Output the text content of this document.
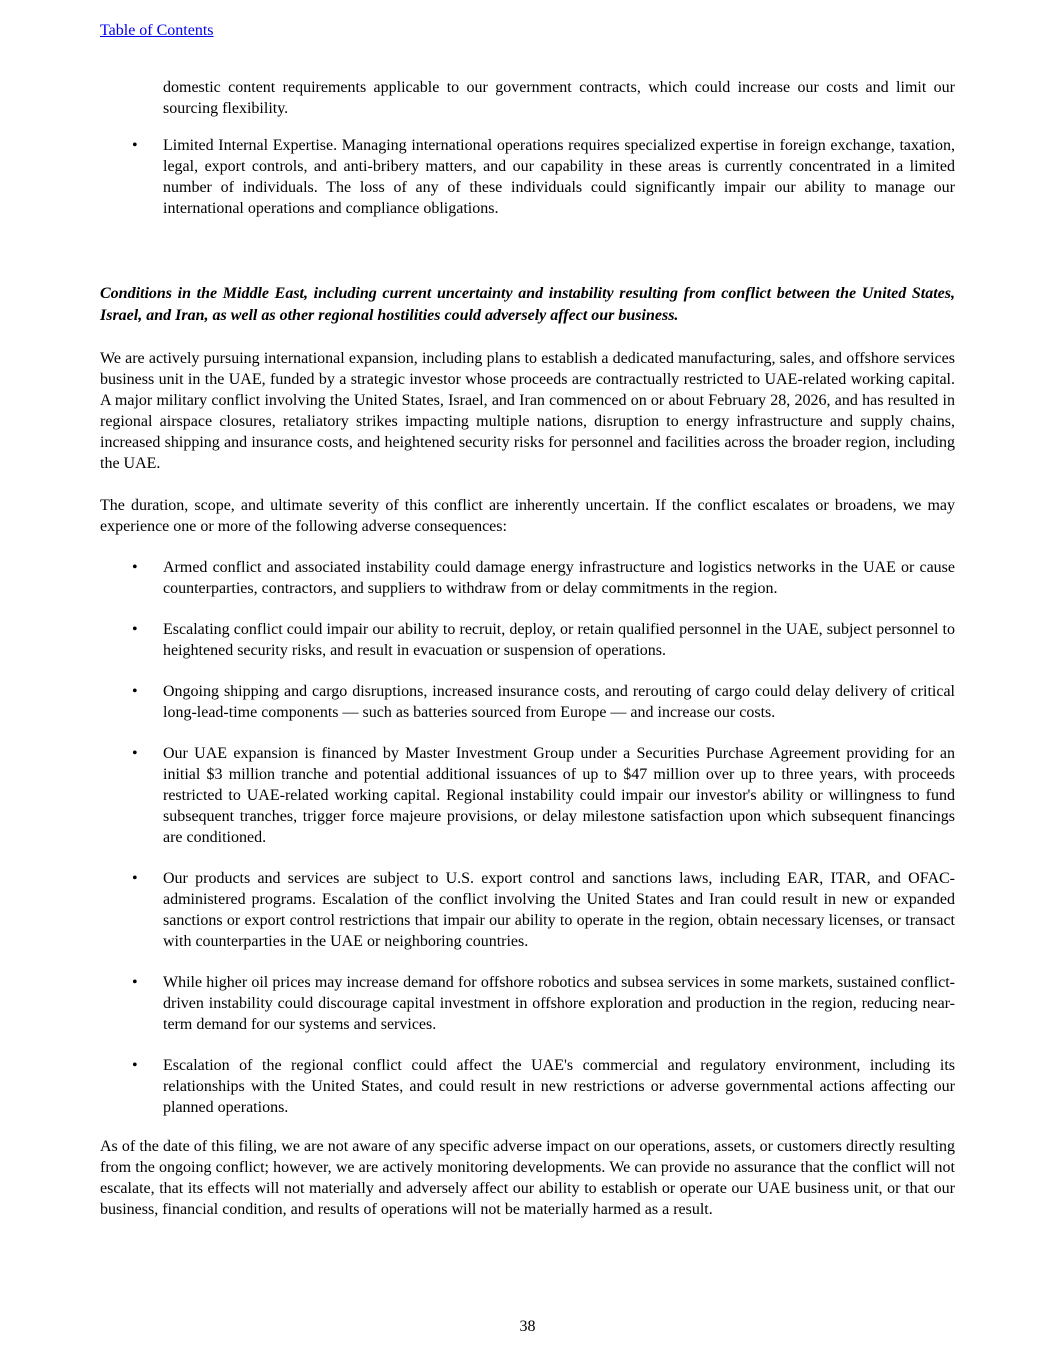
Table of Contents

domestic content requirements applicable to our government contracts, which could increase our costs and limit our sourcing flexibility.

•	Limited Internal Expertise. Managing international operations requires specialized expertise in foreign exchange, taxation, legal, export controls, and anti-bribery matters, and our capability in these areas is currently concentrated in a limited number of individuals. The loss of any of these individuals could significantly impair our ability to manage our international operations and compliance obligations.

Conditions in the Middle East, including current uncertainty and instability resulting from conflict between the United States, Israel, and Iran, as well as other regional hostilities could adversely affect our business.

We are actively pursuing international expansion, including plans to establish a dedicated manufacturing, sales, and offshore services business unit in the UAE, funded by a strategic investor whose proceeds are contractually restricted to UAE-related working capital. A major military conflict involving the United States, Israel, and Iran commenced on or about February 28, 2026, and has resulted in regional airspace closures, retaliatory strikes impacting multiple nations, disruption to energy infrastructure and supply chains, increased shipping and insurance costs, and heightened security risks for personnel and facilities across the broader region, including the UAE.

The duration, scope, and ultimate severity of this conflict are inherently uncertain. If the conflict escalates or broadens, we may experience one or more of the following adverse consequences:

•	Armed conflict and associated instability could damage energy infrastructure and logistics networks in the UAE or cause counterparties, contractors, and suppliers to withdraw from or delay commitments in the region.

•	Escalating conflict could impair our ability to recruit, deploy, or retain qualified personnel in the UAE, subject personnel to heightened security risks, and result in evacuation or suspension of operations.

•	Ongoing shipping and cargo disruptions, increased insurance costs, and rerouting of cargo could delay delivery of critical long-lead-time components — such as batteries sourced from Europe — and increase our costs.

•	Our UAE expansion is financed by Master Investment Group under a Securities Purchase Agreement providing for an initial $3 million tranche and potential additional issuances of up to $47 million over up to three years, with proceeds restricted to UAE-related working capital. Regional instability could impair our investor's ability or willingness to fund subsequent tranches, trigger force majeure provisions, or delay milestone satisfaction upon which subsequent financings are conditioned.

•	Our products and services are subject to U.S. export control and sanctions laws, including EAR, ITAR, and OFAC-administered programs. Escalation of the conflict involving the United States and Iran could result in new or expanded sanctions or export control restrictions that impair our ability to operate in the region, obtain necessary licenses, or transact with counterparties in the UAE or neighboring countries.

•	While higher oil prices may increase demand for offshore robotics and subsea services in some markets, sustained conflict-driven instability could discourage capital investment in offshore exploration and production in the region, reducing near-term demand for our systems and services.

•	Escalation of the regional conflict could affect the UAE's commercial and regulatory environment, including its relationships with the United States, and could result in new restrictions or adverse governmental actions affecting our planned operations.

As of the date of this filing, we are not aware of any specific adverse impact on our operations, assets, or customers directly resulting from the ongoing conflict; however, we are actively monitoring developments. We can provide no assurance that the conflict will not escalate, that its effects will not materially and adversely affect our ability to establish or operate our UAE business unit, or that our business, financial condition, and results of operations will not be materially harmed as a result.

38
